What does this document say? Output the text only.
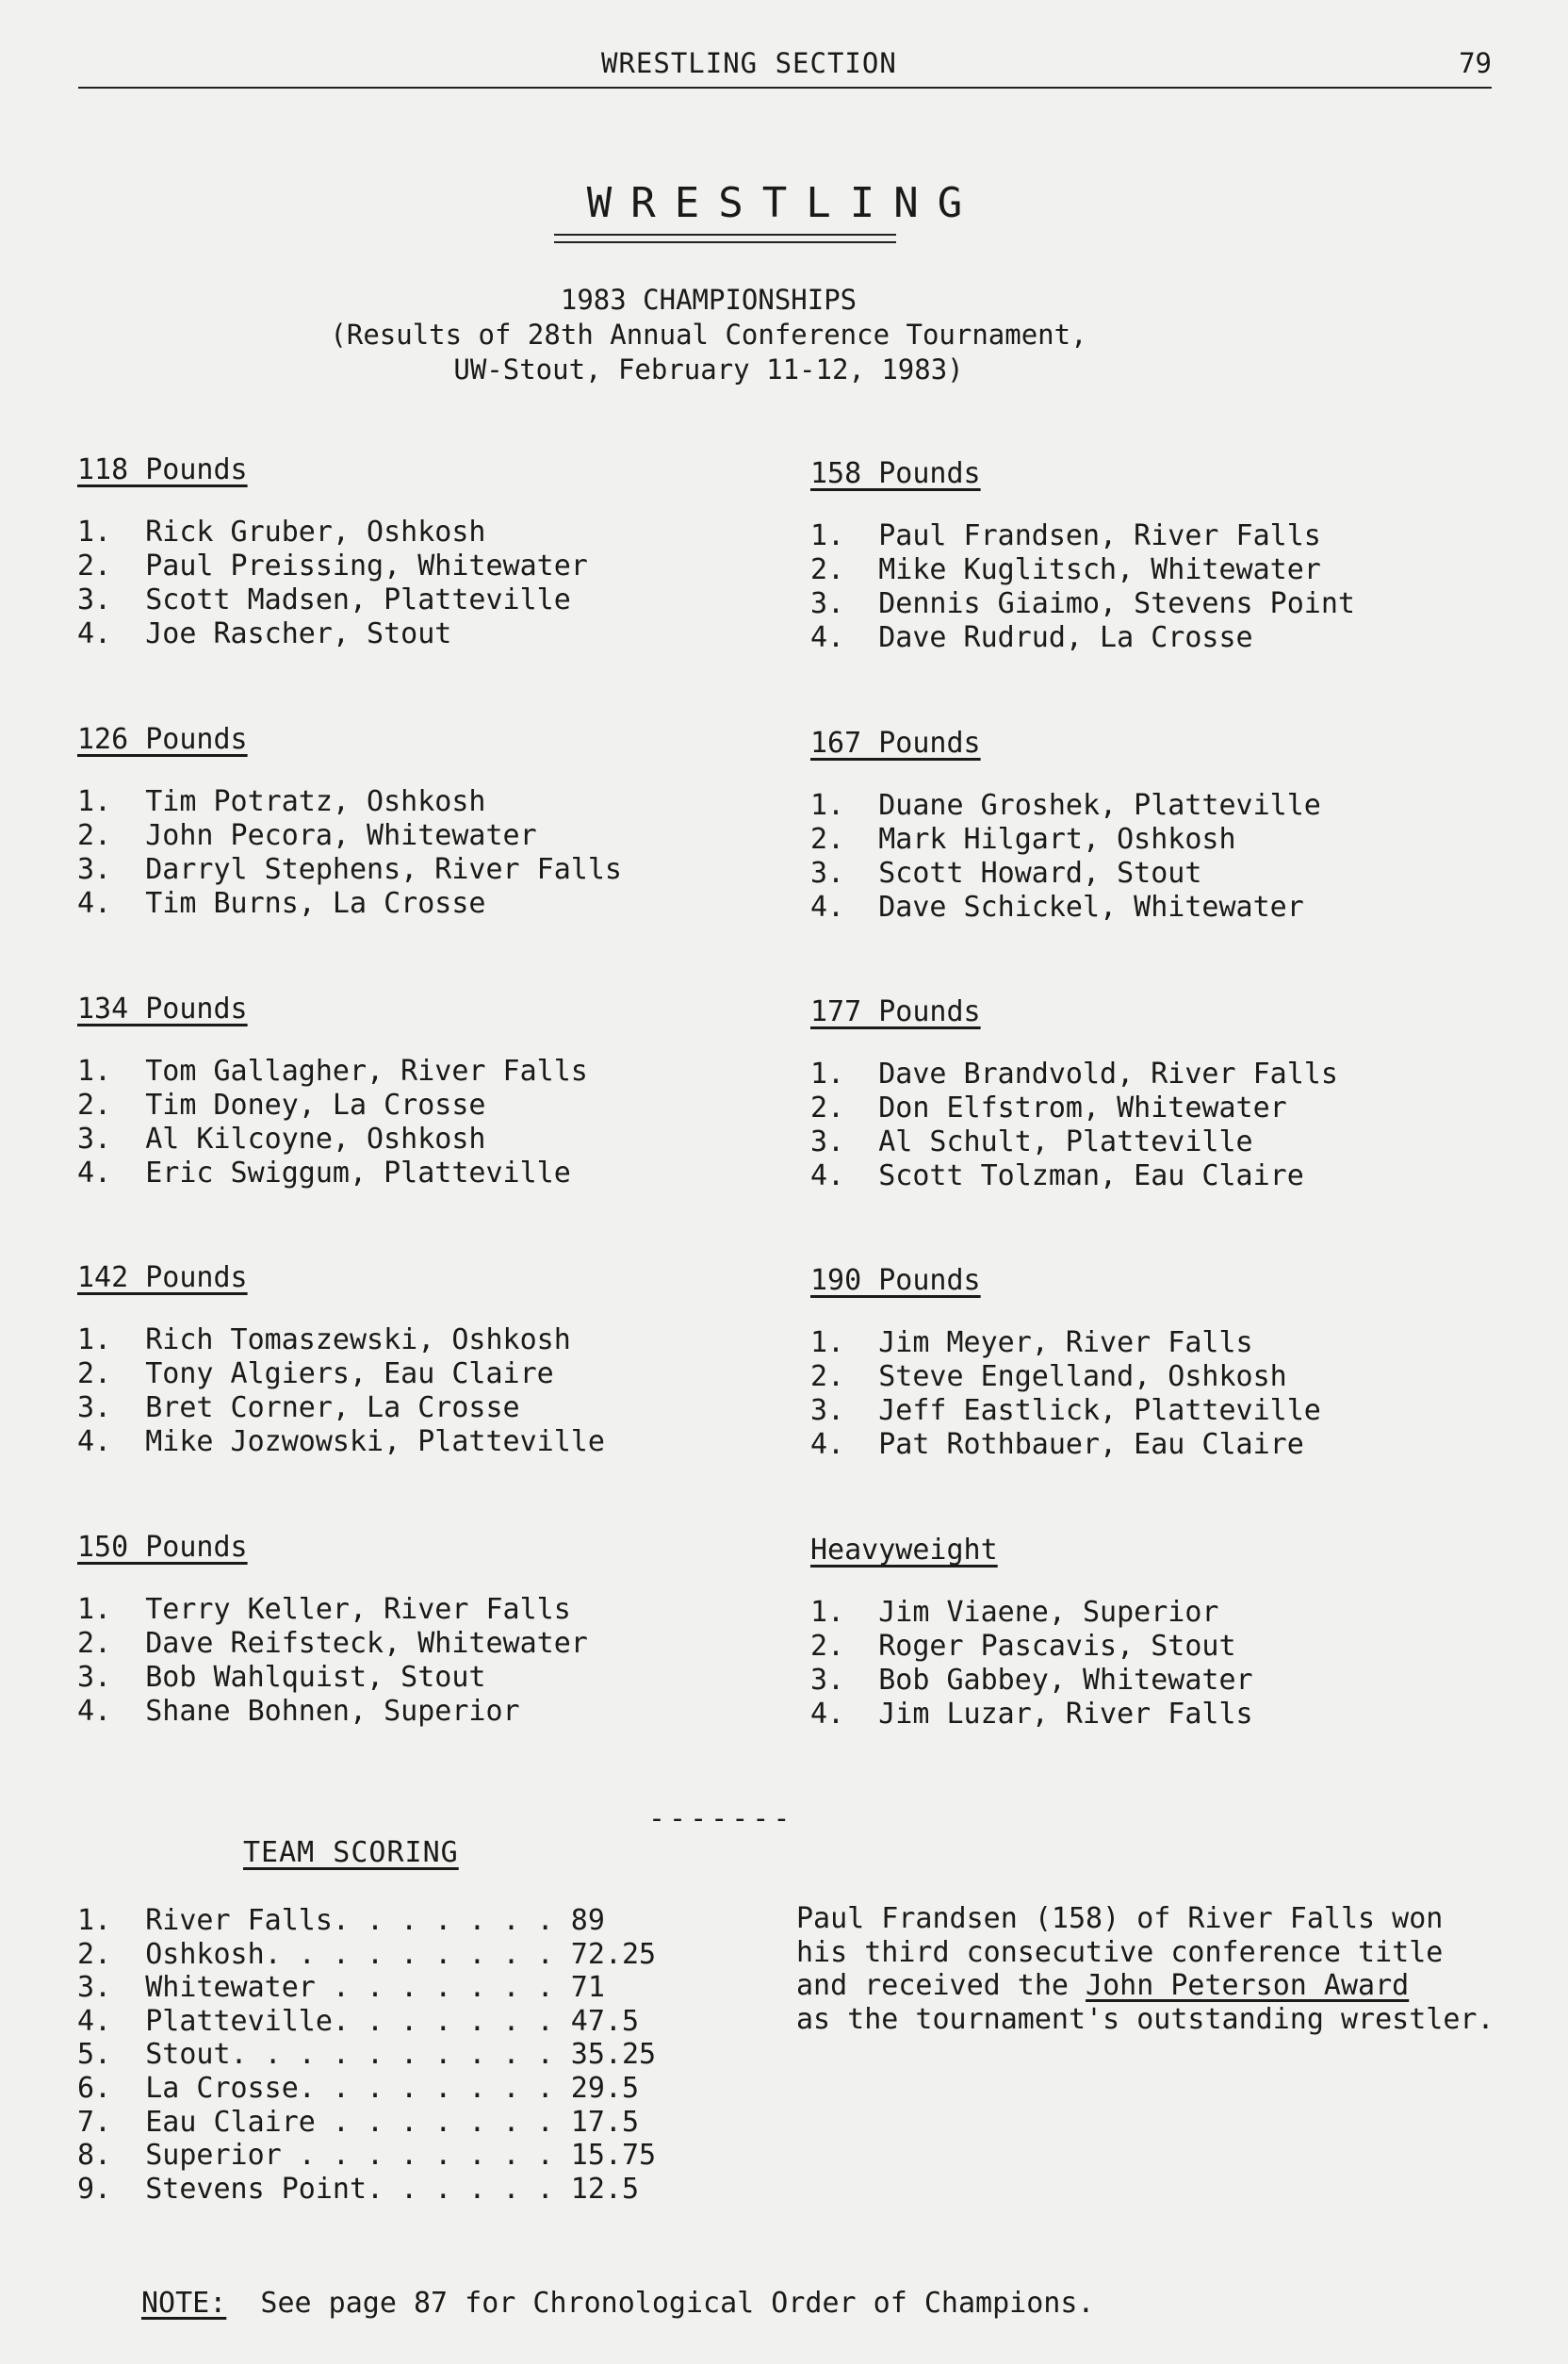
WRESTLING SECTION	79
WRESTLING
1983 CHAMPIONSHIPS
(Results of 28th Annual Conference Tournament,
UW-Stout, February 11-12, 1983)
118 Pounds
1.  Rick Gruber, Oshkosh
2.  Paul Preissing, Whitewater
3.  Scott Madsen, Platteville
4.  Joe Rascher, Stout
126 Pounds
1.  Tim Potratz, Oshkosh
2.  John Pecora, Whitewater
3.  Darryl Stephens, River Falls
4.  Tim Burns, La Crosse
134 Pounds
1.  Tom Gallagher, River Falls
2.  Tim Doney, La Crosse
3.  Al Kilcoyne, Oshkosh
4.  Eric Swiggum, Platteville
142 Pounds
1.  Rich Tomaszewski, Oshkosh
2.  Tony Algiers, Eau Claire
3.  Bret Corner, La Crosse
4.  Mike Jozwowski, Platteville
150 Pounds
1.  Terry Keller, River Falls
2.  Dave Reifsteck, Whitewater
3.  Bob Wahlquist, Stout
4.  Shane Bohnen, Superior
158 Pounds
1.  Paul Frandsen, River Falls
2.  Mike Kuglitsch, Whitewater
3.  Dennis Giaimo, Stevens Point
4.  Dave Rudrud, La Crosse
167 Pounds
1.  Duane Groshek, Platteville
2.  Mark Hilgart, Oshkosh
3.  Scott Howard, Stout
4.  Dave Schickel, Whitewater
177 Pounds
1.  Dave Brandvold, River Falls
2.  Don Elfstrom, Whitewater
3.  Al Schult, Platteville
4.  Scott Tolzman, Eau Claire
190 Pounds
1.  Jim Meyer, River Falls
2.  Steve Engelland, Oshkosh
3.  Jeff Eastlick, Platteville
4.  Pat Rothbauer, Eau Claire
Heavyweight
1.  Jim Viaene, Superior
2.  Roger Pascavis, Stout
3.  Bob Gabbey, Whitewater
4.  Jim Luzar, River Falls
-------
TEAM SCORING
1.  River Falls. . . . . . . 89
2.  Oshkosh. . . . . . . . . 72.25
3.  Whitewater . . . . . . . 71
4.  Platteville. . . . . . . 47.5
5.  Stout. . . . . . . . . . 35.25
6.  La Crosse. . . . . . . . 29.5
7.  Eau Claire . . . . . . . 17.5
8.  Superior . . . . . . . . 15.75
9.  Stevens Point. . . . . . 12.5
Paul Frandsen (158) of River Falls won
his third consecutive conference title
and received the John Peterson Award
as the tournament's outstanding wrestler.
NOTE:  See page 87 for Chronological Order of Champions.
